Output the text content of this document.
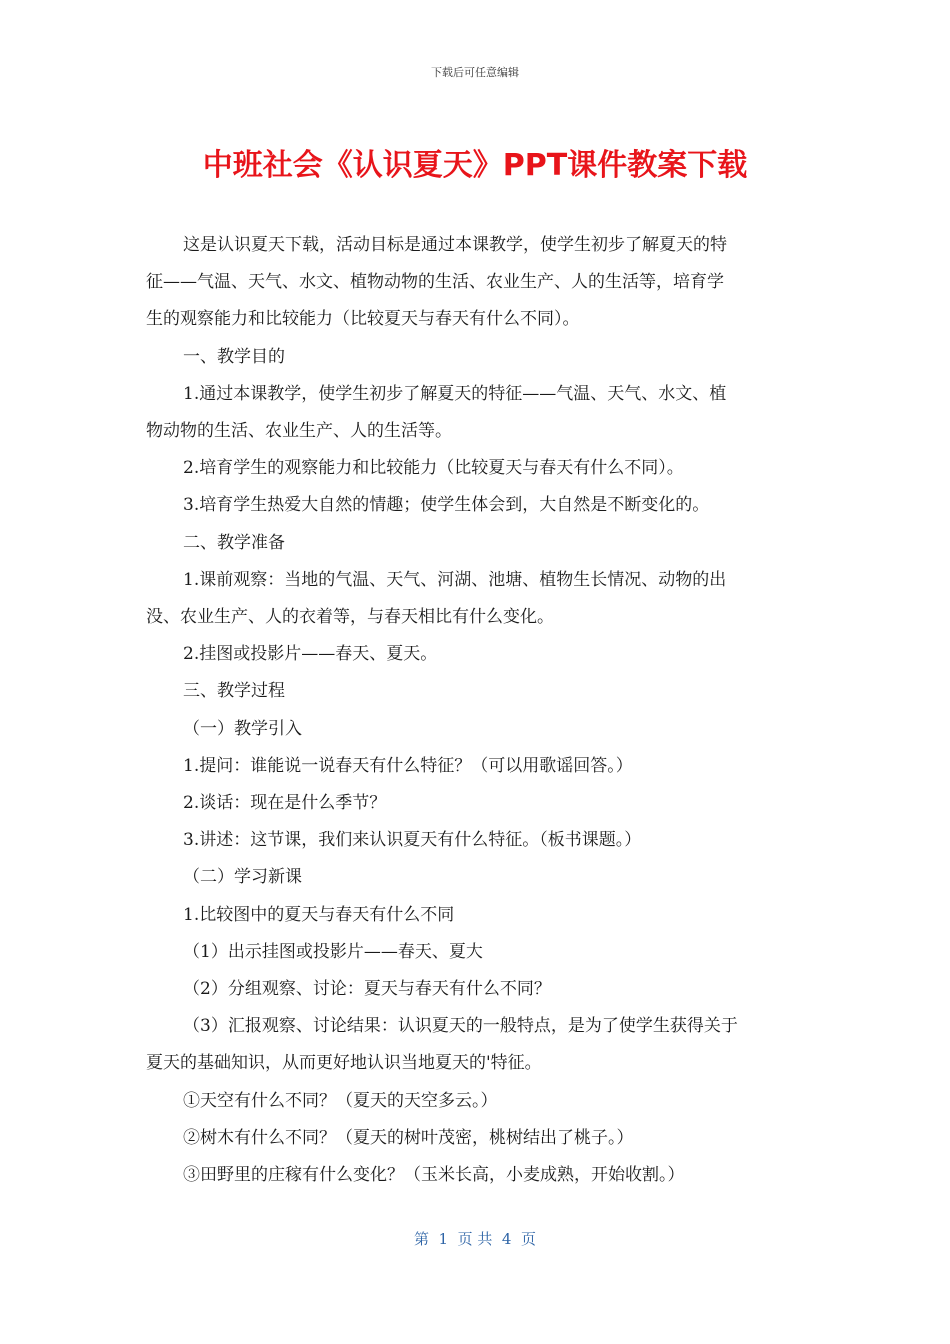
下载后可任意编辑
中班社会《认识夏天》PPT课件教案下载

这是认识夏天下载，活动目标是通过本课教学，使学生初步了解夏天的特

征——气温、天气、水文、植物动物的生活、农业生产、人的生活等，培育学

生的观察能力和比较能力（比较夏天与春天有什么不同）。

一、教学目的

1.通过本课教学，使学生初步了解夏天的特征——气温、天气、水文、植

物动物的生活、农业生产、人的生活等。

2.培育学生的观察能力和比较能力（比较夏天与春天有什么不同）。

3.培育学生热爱大自然的情趣；使学生体会到，大自然是不断变化的。

二、教学准备

1.课前观察：当地的气温、天气、河湖、池塘、植物生长情况、动物的出

没、农业生产、人的衣着等，与春天相比有什么变化。

2.挂图或投影片——春天、夏天。

三、教学过程

（一）教学引入

1.提问：谁能说一说春天有什么特征？（可以用歌谣回答。）

2.谈话：现在是什么季节？

3.讲述：这节课，我们来认识夏天有什么特征。（板书课题。）

（二）学习新课

1.比较图中的夏天与春天有什么不同

（1）出示挂图或投影片——春天、夏大

（2）分组观察、讨论：夏天与春天有什么不同？

（3）汇报观察、讨论结果：认识夏天的一般特点，是为了使学生获得关于

夏天的基础知识，从而更好地认识当地夏天的'特征。

①天空有什么不同？（夏天的天空多云。）

②树木有什么不同？（夏天的树叶茂密，桃树结出了桃子。）

③田野里的庄稼有什么变化？（玉米长高，小麦成熟，开始收割。）

第  1  页 共  4  页
